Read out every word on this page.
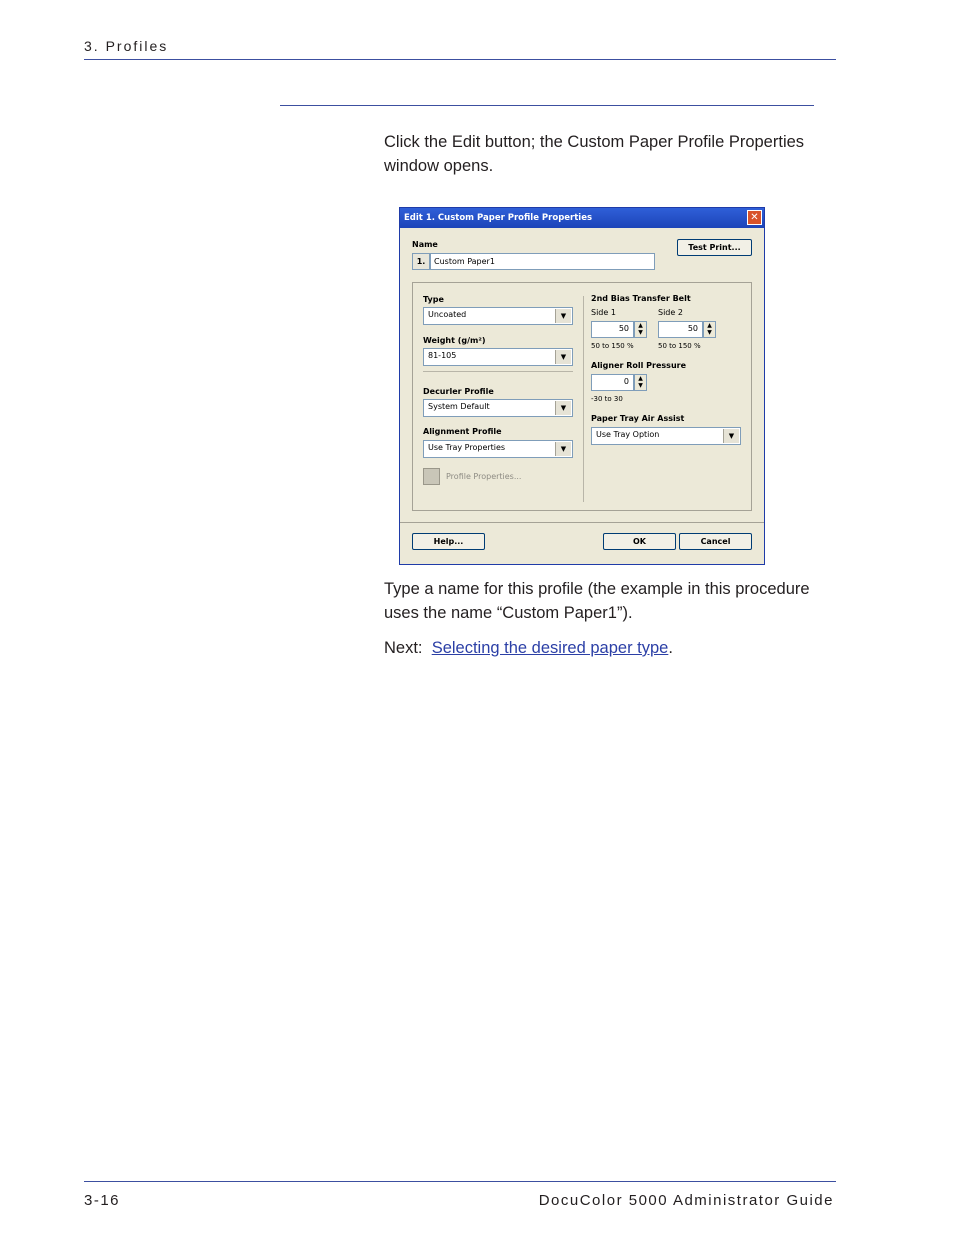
3. Profiles
Click the Edit button; the Custom Paper Profile Properties window opens.
Edit 1. Custom Paper Profile Properties	✕
Name
1.	Custom Paper1
Test Print...
Type
Uncoated	▼
Weight (g/m²)
81-105	▼
Decurler Profile
System Default	▼
Alignment Profile
Use Tray Properties	▼
Profile Properties...
2nd Bias Transfer Belt
Side 1	Side 2
50	▲
▼	50	▲
▼
50 to 150 %	50 to 150 %
Aligner Roll Pressure
0	▲
▼
-30 to 30
Paper Tray Air Assist
Use Tray Option	▼
Help...	OK	Cancel
Type a name for this profile (the example in this procedure uses the name “Custom Paper1”).
Next: Selecting the desired paper type.
3-16	DocuColor 5000 Administrator Guide
